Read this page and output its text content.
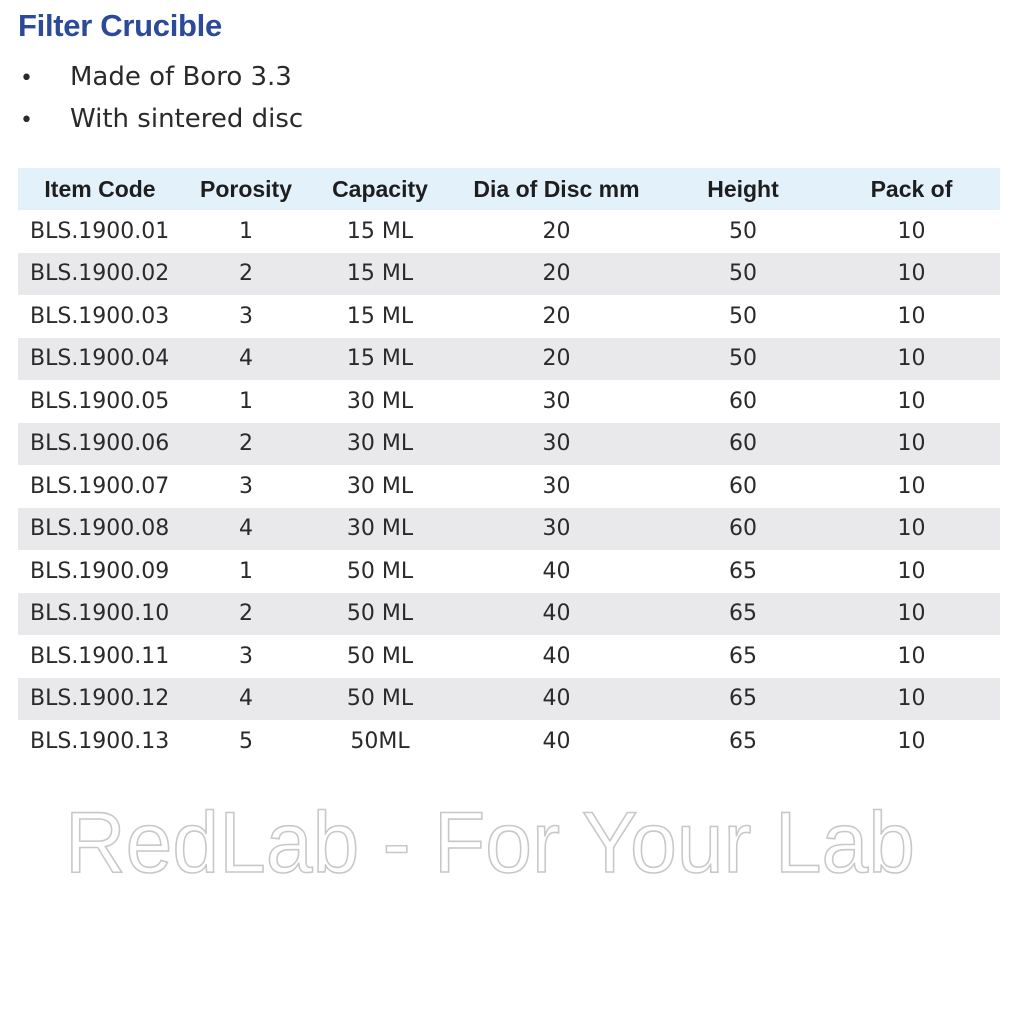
Filter Crucible
• Made of Boro 3.3
• With sintered disc
Item Code	Porosity	Capacity	Dia of Disc mm	Height	Pack of
BLS.1900.01	1	15 ML	20	50	10
BLS.1900.02	2	15 ML	20	50	10
BLS.1900.03	3	15 ML	20	50	10
BLS.1900.04	4	15 ML	20	50	10
BLS.1900.05	1	30 ML	30	60	10
BLS.1900.06	2	30 ML	30	60	10
BLS.1900.07	3	30 ML	30	60	10
BLS.1900.08	4	30 ML	30	60	10
BLS.1900.09	1	50 ML	40	65	10
BLS.1900.10	2	50 ML	40	65	10
BLS.1900.11	3	50 ML	40	65	10
BLS.1900.12	4	50 ML	40	65	10
BLS.1900.13	5	50ML	40	65	10
RedLab - For Your Lab
